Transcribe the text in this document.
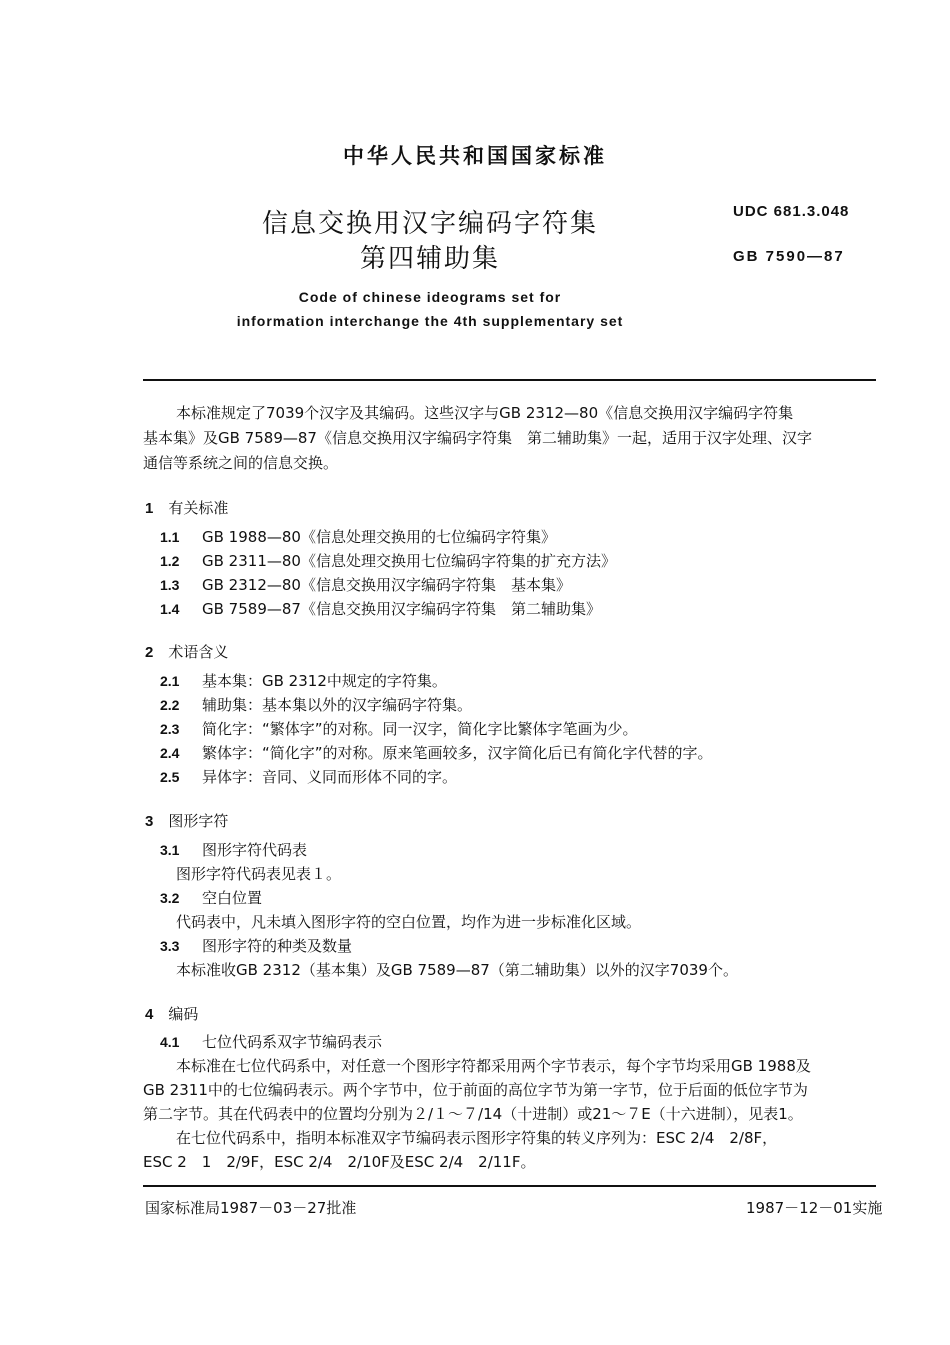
中华人民共和国国家标准
UDC 681.3.048
信息交换用汉字编码字符集
第四辅助集	GB 7590—87
Code of chinese ideograms set for
information interchange the 4th supplementary set
本标准规定了7039个汉字及其编码。这些汉字与GB 2312—80《信息交换用汉字编码字符集
基本集》及GB 7589—87《信息交换用汉字编码字符集　第二辅助集》一起，适用于汉字处理、汉字
通信等系统之间的信息交换。
1　 有关标准
1.1 GB 1988—80《信息处理交换用的七位编码字符集》
1.2 GB 2311—80《信息处理交换用七位编码字符集的扩充方法》
1.3 GB 2312—80《信息交换用汉字编码字符集　基本集》
1.4 GB 7589—87《信息交换用汉字编码字符集　第二辅助集》
2　 术语含义
2.1 基本集：GB 2312中规定的字符集。
2.2 辅助集：基本集以外的汉字编码字符集。
2.3 简化字：“繁体字”的对称。同一汉字，简化字比繁体字笔画为少。
2.4 繁体字：“简化字”的对称。原来笔画较多，汉字简化后已有简化字代替的字。
2.5 异体字：音同、义同而形体不同的字。
3　 图形字符
3.1 图形字符代码表
图形字符代码表见表１。
3.2 空白位置
代码表中，凡未填入图形字符的空白位置，均作为进一步标准化区域。
3.3 图形字符的种类及数量
本标准收GB 2312（基本集）及GB 7589—87（第二辅助集）以外的汉字7039个。
4　 编码
4.1 七位代码系双字节编码表示
本标准在七位代码系中，对任意一个图形字符都采用两个字节表示，每个字节均采用GB 1988及
GB 2311中的七位编码表示。两个字节中，位于前面的高位字节为第一字节，位于后面的低位字节为
第二字节。其在代码表中的位置均分别为２/１～７/14（十进制）或21～７E（十六进制），见表1。
在七位代码系中，指明本标准双字节编码表示图形字符集的转义序列为：ESC 2/4　2/8F，
ESC 2　1　2/9F，ESC 2/4　2/10F及ESC 2/4　2/11F。
国家标准局1987－03－27批准	1987－12－01实施
